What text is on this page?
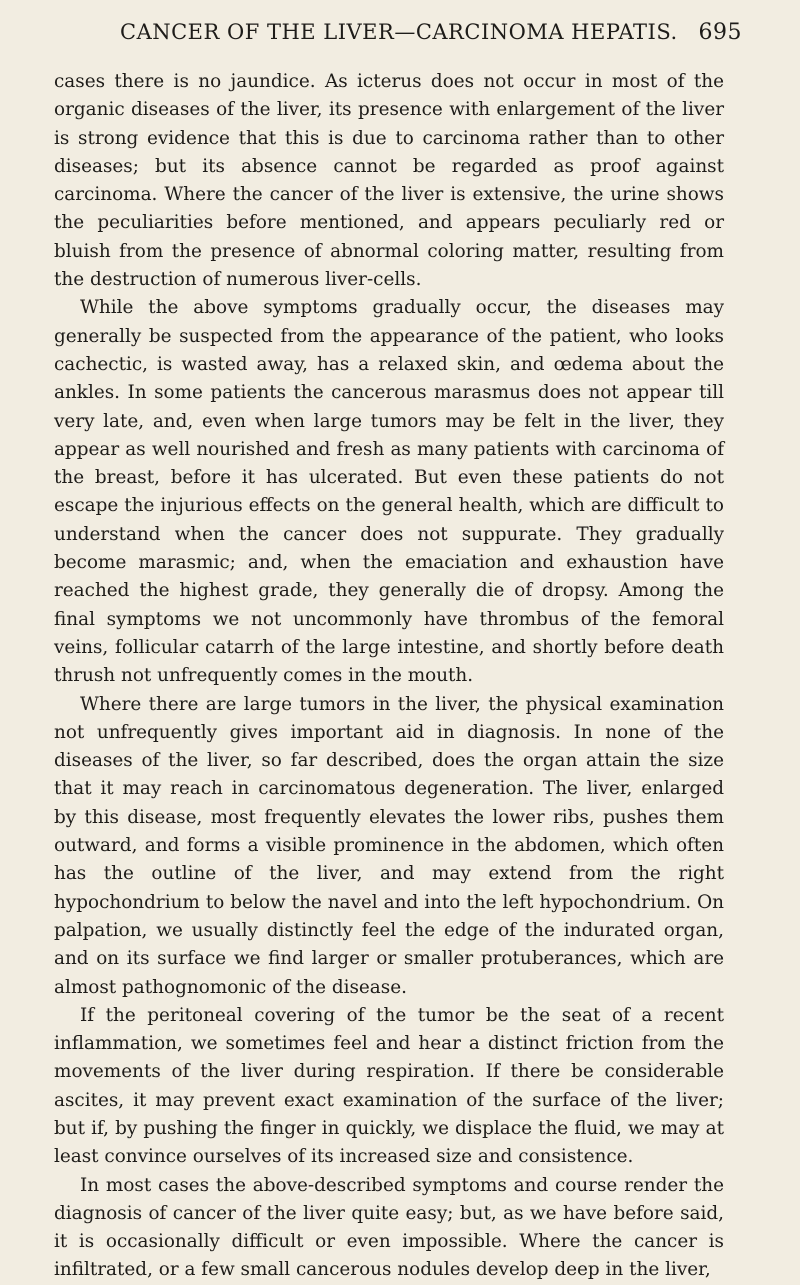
CANCER OF THE LIVER—CARCINOMA HEPATIS. 695

cases there is no jaundice. As icterus does not occur in most of the organic diseases of the liver, its presence with enlargement of the liver is strong evidence that this is due to carcinoma rather than to other diseases; but its absence cannot be regarded as proof against carcinoma. Where the cancer of the liver is extensive, the urine shows the peculiarities before mentioned, and appears peculiarly red or bluish from the presence of abnormal coloring matter, resulting from the destruction of numerous liver-cells.

While the above symptoms gradually occur, the diseases may generally be suspected from the appearance of the patient, who looks cachectic, is wasted away, has a relaxed skin, and œdema about the ankles. In some patients the cancerous marasmus does not appear till very late, and, even when large tumors may be felt in the liver, they appear as well nourished and fresh as many patients with carcinoma of the breast, before it has ulcerated. But even these patients do not escape the injurious effects on the general health, which are difficult to understand when the cancer does not suppurate. They gradually become marasmic; and, when the emaciation and exhaustion have reached the highest grade, they generally die of dropsy. Among the final symptoms we not uncommonly have thrombus of the femoral veins, follicular catarrh of the large intestine, and shortly before death thrush not unfrequently comes in the mouth.

Where there are large tumors in the liver, the physical examination not unfrequently gives important aid in diagnosis. In none of the diseases of the liver, so far described, does the organ attain the size that it may reach in carcinomatous degeneration. The liver, enlarged by this disease, most frequently elevates the lower ribs, pushes them outward, and forms a visible prominence in the abdomen, which often has the outline of the liver, and may extend from the right hypochondrium to below the navel and into the left hypochondrium. On palpation, we usually distinctly feel the edge of the indurated organ, and on its surface we find larger or smaller protuberances, which are almost pathognomonic of the disease.

If the peritoneal covering of the tumor be the seat of a recent inflammation, we sometimes feel and hear a distinct friction from the movements of the liver during respiration. If there be considerable ascites, it may prevent exact examination of the surface of the liver; but if, by pushing the finger in quickly, we displace the fluid, we may at least convince ourselves of its increased size and consistence.

In most cases the above-described symptoms and course render the diagnosis of cancer of the liver quite easy; but, as we have before said, it is occasionally difficult or even impossible. Where the cancer is infiltrated, or a few small cancerous nodules develop deep in the liver,
